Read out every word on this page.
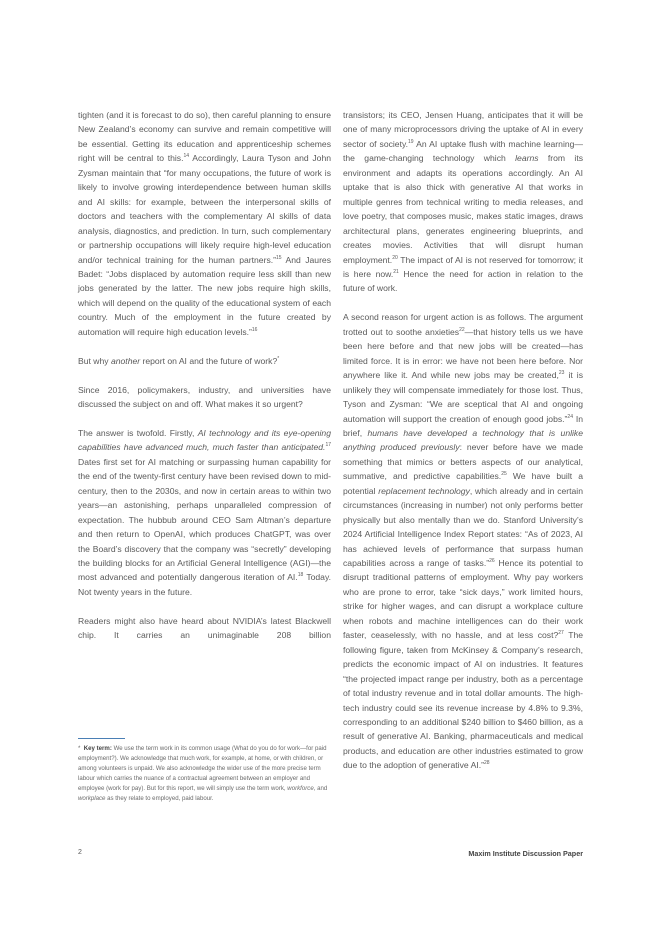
tighten (and it is forecast to do so), then careful planning to ensure New Zealand’s economy can survive and remain competitive will be essential. Getting its education and apprenticeship schemes right will be central to this.$^{14}$ Accordingly, Laura Tyson and John Zysman maintain that “for many occupations, the future of work is likely to involve growing interdependence between human skills and AI skills: for example, between the interpersonal skills of doctors and teachers with the complementary AI skills of data analysis, diagnostics, and prediction. In turn, such complementary or partnership occupations will likely require high-level education and/or technical training for the human partners.”$^{15}$ And Jaures Badet: “Jobs displaced by automation require less skill than new jobs generated by the latter. The new jobs require high skills, which will depend on the quality of the educational system of each country. Much of the employment in the future created by automation will require high education levels.”$^{16}$

But why another report on AI and the future of work?*

Since 2016, policymakers, industry, and universities have discussed the subject on and off. What makes it so urgent?

The answer is twofold. Firstly, AI technology and its eye-opening capabilities have advanced much, much faster than anticipated.$^{17}$ Dates first set for AI matching or surpassing human capability for the end of the twenty-first century have been revised down to mid-century, then to the 2030s, and now in certain areas to within two years—an astonishing, perhaps unparalleled compression of expectation. The hubbub around CEO Sam Altman’s departure and then return to OpenAI, which produces ChatGPT, was over the Board’s discovery that the company was “secretly” developing the building blocks for an Artificial General Intelligence (AGI)—the most advanced and potentially dangerous iteration of AI.$^{18}$ Today. Not twenty years in the future.

Readers might also have heard about NVIDIA’s latest Blackwell chip. It carries an unimaginable 208 billion

transistors; its CEO, Jensen Huang, anticipates that it will be one of many microprocessors driving the uptake of AI in every sector of society.$^{19}$ An AI uptake flush with machine learning—the game-changing technology which learns from its environment and adapts its operations accordingly. An AI uptake that is also thick with generative AI that works in multiple genres from technical writing to media releases, and love poetry, that composes music, makes static images, draws architectural plans, generates engineering blueprints, and creates movies. Activities that will disrupt human employment.$^{20}$ The impact of AI is not reserved for tomorrow; it is here now.$^{21}$ Hence the need for action in relation to the future of work.

A second reason for urgent action is as follows. The argument trotted out to soothe anxieties$^{22}$—that history tells us we have been here before and that new jobs will be created—has limited force. It is in error: we have not been here before. Nor anywhere like it. And while new jobs may be created,$^{23}$ it is unlikely they will compensate immediately for those lost. Thus, Tyson and Zysman: “We are sceptical that AI and ongoing automation will support the creation of enough good jobs.”$^{24}$ In brief, humans have developed a technology that is unlike anything produced previously: never before have we made something that mimics or betters aspects of our analytical, summative, and predictive capabilities.$^{25}$ We have built a potential replacement technology, which already and in certain circumstances (increasing in number) not only performs better physically but also mentally than we do. Stanford University’s 2024 Artificial Intelligence Index Report states: “As of 2023, AI has achieved levels of performance that surpass human capabilities across a range of tasks.”$^{26}$ Hence its potential to disrupt traditional patterns of employment. Why pay workers who are prone to error, take “sick days,” work limited hours, strike for higher wages, and can disrupt a workplace culture when robots and machine intelligences can do their work faster, ceaselessly, with no hassle, and at less cost?$^{27}$ The following figure, taken from McKinsey & Company’s research, predicts the economic impact of AI on industries. It features “the projected impact range per industry, both as a percentage of total industry revenue and in total dollar amounts. The high-tech industry could see its revenue increase by 4.8% to 9.3%, corresponding to an additional $240 billion to $460 billion, as a result of generative AI. Banking, pharmaceuticals and medical products, and education are other industries estimated to grow due to the adoption of generative AI.”$^{28}$

* Key term: We use the term work in its common usage (What do you do for work—for paid employment?). We acknowledge that much work, for example, at home, or with children, or among volunteers is unpaid. We also acknowledge the wider use of the more precise term labour which carries the nuance of a contractual agreement between an employer and employee (work for pay). But for this report, we will simply use the term work, workforce, and workplace as they relate to employed, paid labour.
2	Maxim Institute Discussion Paper
